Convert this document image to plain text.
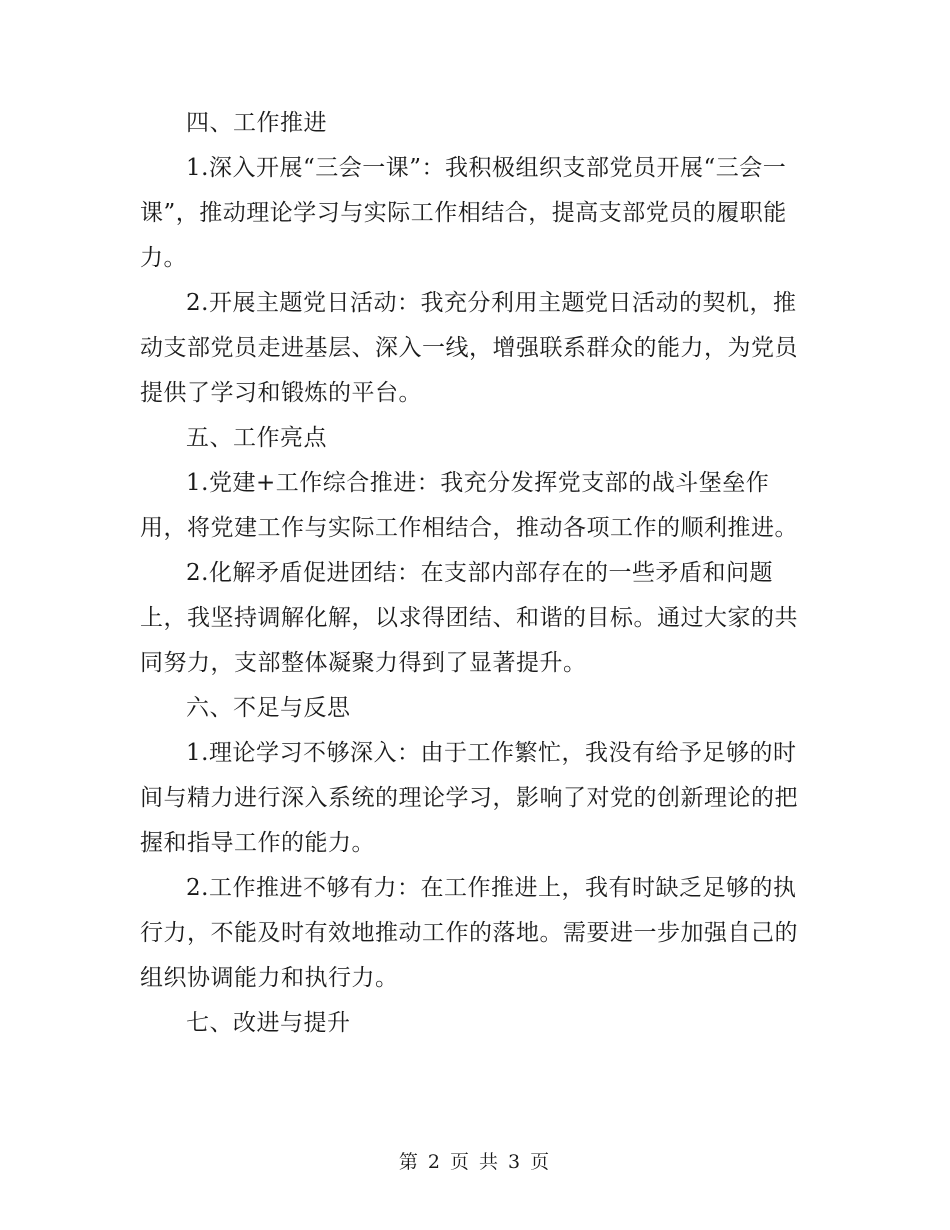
四、工作推进

1.深入开展“三会一课”：我积极组织支部党员开展“三会一课”，推动理论学习与实际工作相结合，提高支部党员的履职能力。

2.开展主题党日活动：我充分利用主题党日活动的契机，推动支部党员走进基层、深入一线，增强联系群众的能力，为党员提供了学习和锻炼的平台。

五、工作亮点

1.党建+工作综合推进：我充分发挥党支部的战斗堡垒作用，将党建工作与实际工作相结合，推动各项工作的顺利推进。

2.化解矛盾促进团结：在支部内部存在的一些矛盾和问题上，我坚持调解化解，以求得团结、和谐的目标。通过大家的共同努力，支部整体凝聚力得到了显著提升。

六、不足与反思

1.理论学习不够深入：由于工作繁忙，我没有给予足够的时间与精力进行深入系统的理论学习，影响了对党的创新理论的把握和指导工作的能力。

2.工作推进不够有力：在工作推进上，我有时缺乏足够的执行力，不能及时有效地推动工作的落地。需要进一步加强自己的组织协调能力和执行力。

七、改进与提升

第 2 页 共 3 页
